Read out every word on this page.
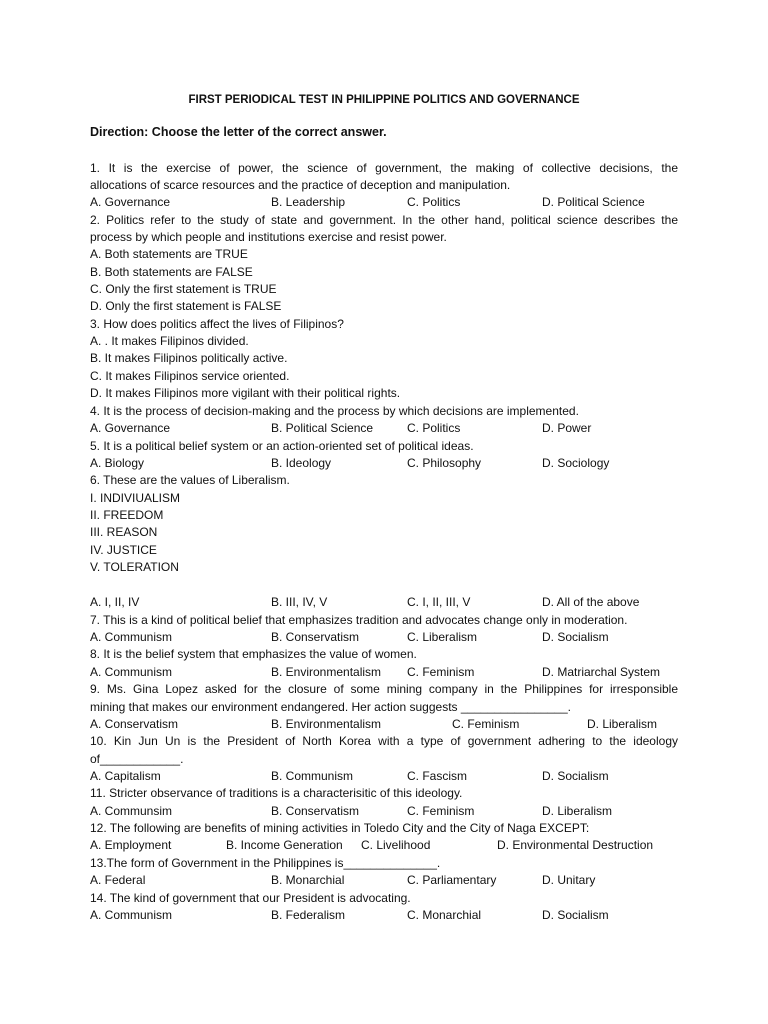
FIRST PERIODICAL TEST IN PHILIPPINE POLITICS AND GOVERNANCE
Direction: Choose the letter of the correct answer.
1. It is the exercise of power, the science of government, the making of collective decisions, the
allocations of scarce resources and the practice of deception and manipulation.
A. Governance	B. Leadership	C. Politics	D. Political Science
2. Politics refer to the study of state and government. In the other hand, political science describes the
process by which people and institutions exercise and resist power.
A. Both statements are TRUE
B. Both statements are FALSE
C. Only the first statement is TRUE
D. Only the first statement is FALSE
3. How does politics affect the lives of Filipinos?
A. . It makes Filipinos divided.
B. It makes Filipinos politically active.
C. It makes Filipinos service oriented.
D. It makes Filipinos more vigilant with their political rights.
4. It is the process of decision-making and the process by which decisions are implemented.
A. Governance	B. Political Science	C. Politics	D. Power
5. It is a political belief system or an action-oriented set of political ideas.
A. Biology	B. Ideology	C. Philosophy	D. Sociology
6. These are the values of Liberalism.
I. INDIVIUALISM
II. FREEDOM
III. REASON
IV. JUSTICE
V. TOLERATION
A. I, II, IV	B. III, IV, V	C. I, II, III, V	D. All of the above
7. This is a kind of political belief that emphasizes tradition and advocates change only in moderation.
A. Communism	B. Conservatism	C. Liberalism	D. Socialism
8. It is the belief system that emphasizes the value of women.
A. Communism	B. Environmentalism C. Feminism	D. Matriarchal System
9. Ms. Gina Lopez asked for the closure of some mining company in the Philippines for irresponsible
mining that makes our environment endangered. Her action suggests ________________.
A. Conservatism	B. Environmentalism	C. Feminism	D. Liberalism
10. Kin Jun Un is the President of North Korea with a type of government adhering to the ideology
of____________.
A. Capitalism	B. Communism	C. Fascism	D. Socialism
11. Stricter observance of traditions is a characterisitic of this ideology.
A. Communsim	B. Conservatism	C. Feminism	D. Liberalism
12. The following are benefits of mining activities in Toledo City and the City of Naga EXCEPT:
A. Employment	B. Income Generation C. Livelihood	D. Environmental Destruction
13.The form of Government in the Philippines is______________.
A. Federal	B. Monarchial	C. Parliamentary	D. Unitary
14. The kind of government that our President is advocating.
A. Communism	B. Federalism	C. Monarchial	D. Socialism
